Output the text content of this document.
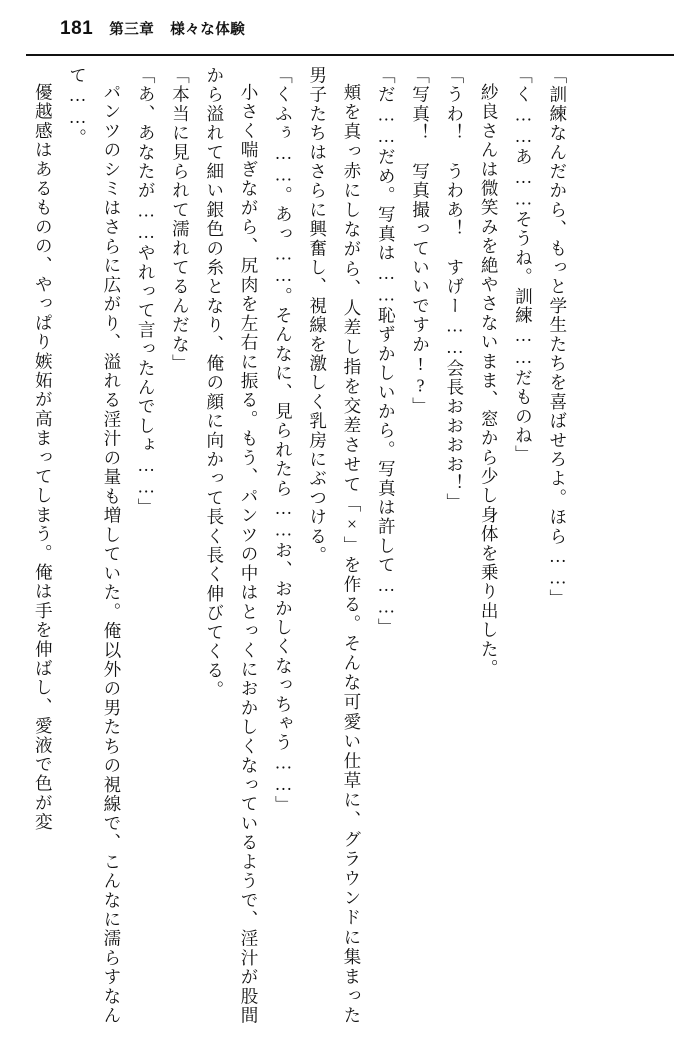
181 第三章 様々な体験

「訓練なんだから、もっと学生たちを喜ばせろよ。ほら……」

「く……あ……そうね。訓練……だものね」

紗良さんは微笑みを絶やさないまま、窓から少し身体を乗り出した。

「うわ！　うわあ！　すげー……会長おおおお！」

「写真！　写真撮っていいですか!?」

「だ……だめ。写真は……恥ずかしいから。写真は許して……」

頬を真っ赤にしながら、人差し指を交差させて「×」を作る。そんな可愛い仕草に、グラウンドに集まった男子たちはさらに興奮し、視線を激しく乳房にぶつける。

「くふぅ……。あっ……。そんなに、見られたら……お、おかしくなっちゃう……」

小さく喘ぎながら、尻肉を左右に振る。もう、パンツの中はとっくにおかしくなっているようで、淫汁が股間から溢れて細い銀色の糸となり、俺の顔に向かって長く長く伸びてくる。

「本当に見られて濡れてるんだな」

「あ、あなたが……やれって言ったんでしょ……」

パンツのシミはさらに広がり、溢れる淫汁の量も増していた。俺以外の男たちの視線で、こんなに濡らすなんて……。

優越感はあるものの、やっぱり嫉妬が高まってしまう。俺は手を伸ばし、愛液で色が変
